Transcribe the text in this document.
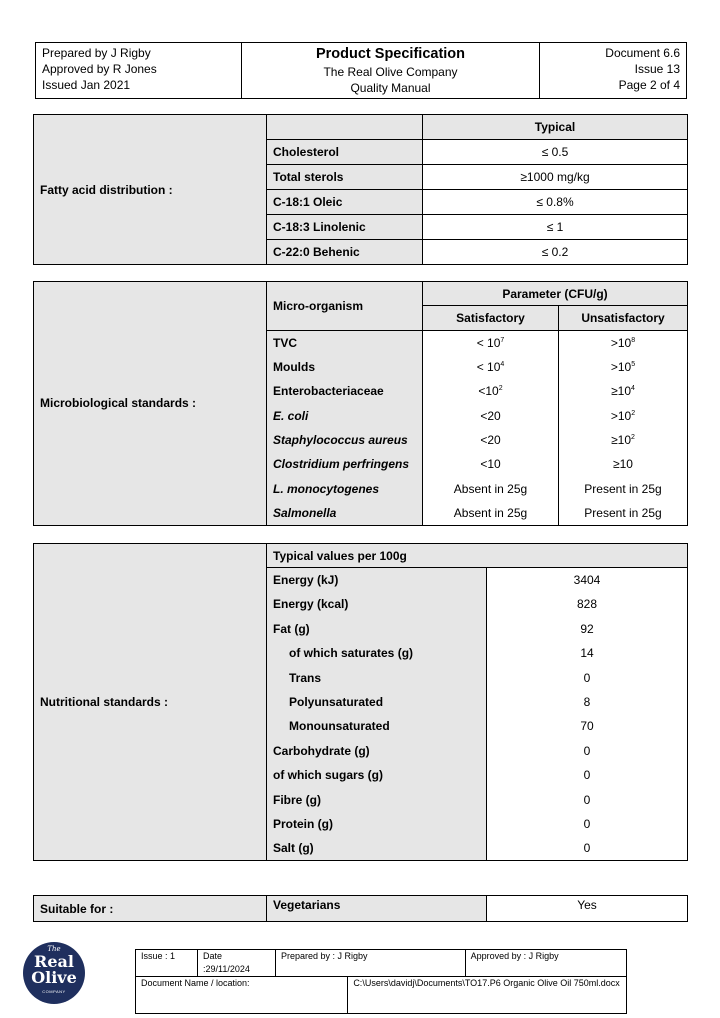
Prepared by J Rigby
Approved by R Jones
Issued Jan 2021

Product Specification
The Real Olive Company
Quality Manual

Document 6.6
Issue 13
Page 2 of 4
Fatty acid distribution :		Typical
	Cholesterol	≤ 0.5
	Total sterols	≥1000 mg/kg
	C-18:1 Oleic	≤ 0.8%
	C-18:3 Linolenic	≤ 1
	C-22:0 Behenic	≤ 0.2
Microbiological standards :	Micro-organism	Parameter (CFU/g)	
		Satisfactory	Unsatisfactory
	TVC	< $10^7$	$>10^8$
	Moulds	< $10^4$	$>10^5$
	Enterobacteriaceae	$<10^2$	$\ge 10^4$
	E. coli	<20	$>10^2$
	Staphylococcus aureus	<20	$\ge 10^2$
	Clostridium perfringens	<10	≥10
	L. monocytogenes	Absent in 25g	Present in 25g
	Salmonella	Absent in 25g	Present in 25g
Nutritional standards :	Typical values per 100g	
	Energy (kJ)	3404
	Energy (kcal)	828
	Fat (g)	92
	of which saturates (g)	14
	Trans	0
	Polyunsaturated	8
	Monounsaturated	70
	Carbohydrate (g)	0
	of which sugars (g)	0
	Fibre (g)	0
	Protein (g)	0
	Salt (g)	0
Suitable for :	Vegetarians	Yes
The
Real
Olive
COMPANY
Issue : 1	Date :29/11/2024	Prepared by : J Rigby		Approved by : J Rigby
Document Name / location:			C:\Users\davidj\Documents\TO17.P6 Organic Olive Oil 750ml.docx	
